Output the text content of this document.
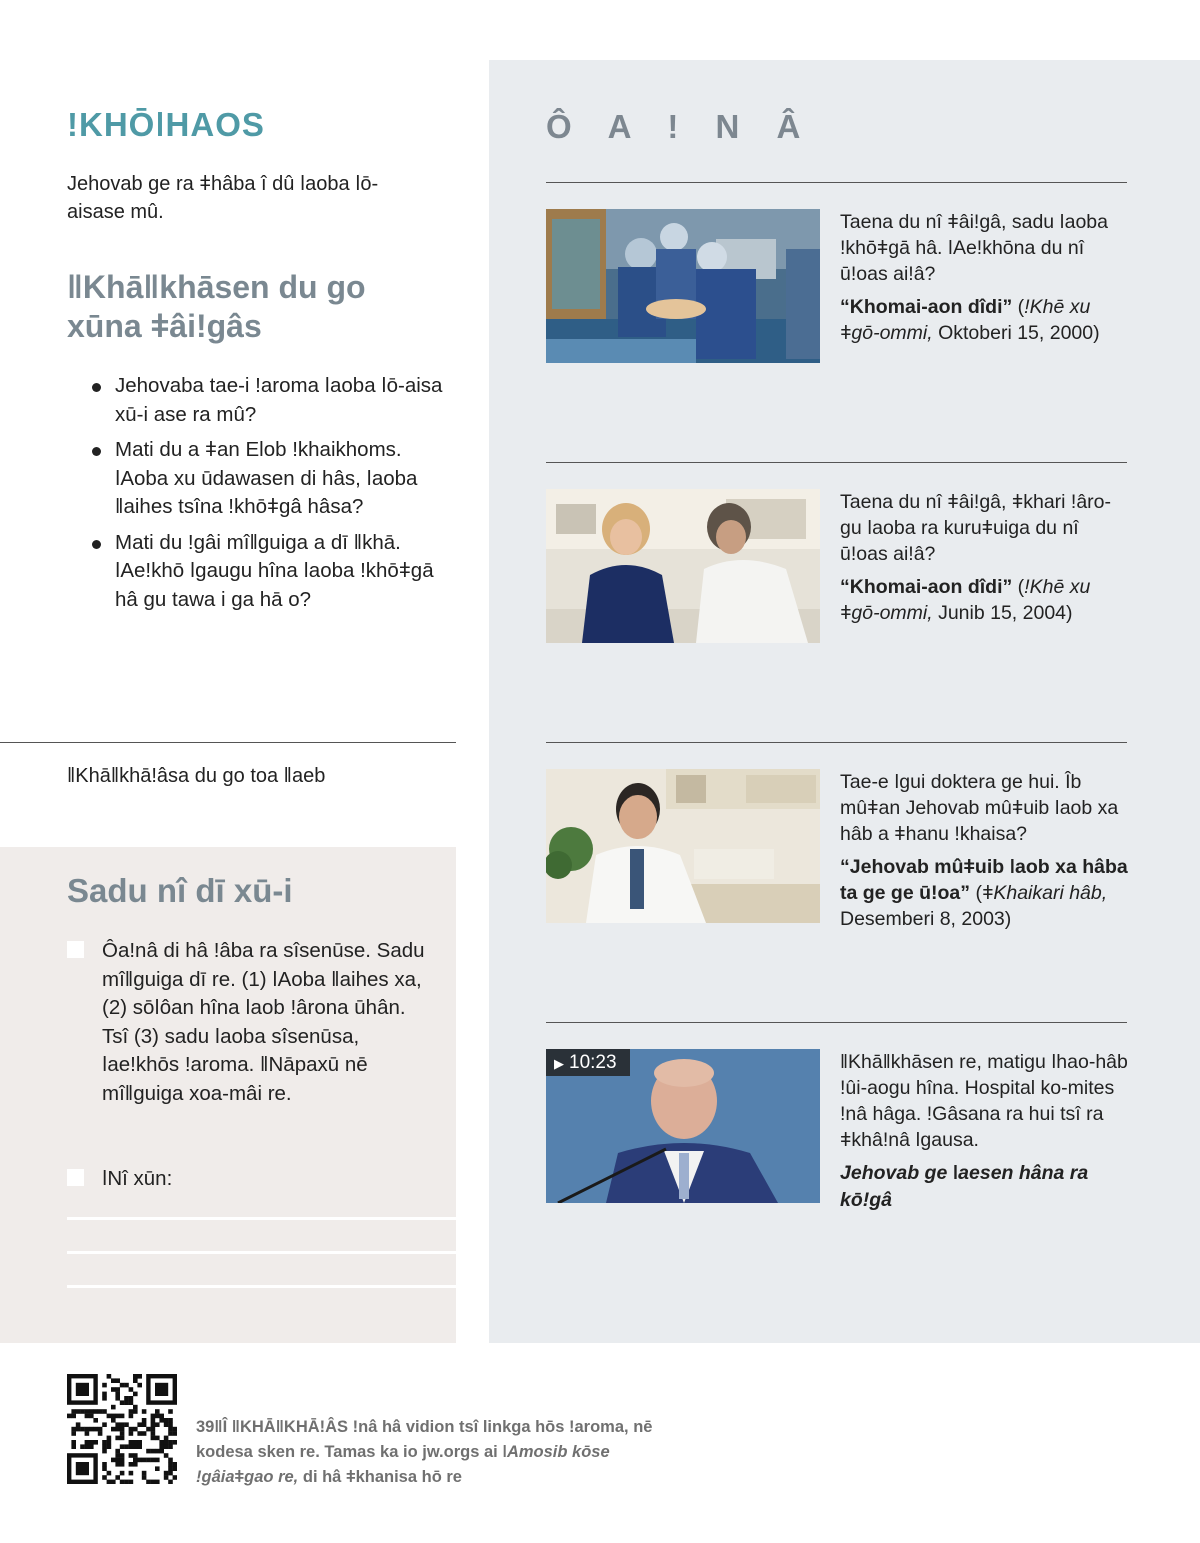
Ô A ǃ N Â
Taena du nî ǂâiǃgâ, sadu ǀaoba ǃkhōǂgā hâ. ǀAeǃkhōna du nî ūǃoas aiǃâ?
“Khomai-aon dîdi” (ǃKhē xu ǂgō-ommi, Oktoberi 15, 2000)
Taena du nî ǂâiǃgâ, ǂkhari ǃâro-gu ǀaoba ra kuruǂuiga du nî ūǃoas aiǃâ?
“Khomai-aon dîdi” (ǃKhē xu ǂgō-ommi, Junib 15, 2004)
Tae-e ǀgui doktera ge hui. Îb mûǂan Jehovab mûǂuib ǀaob xa hâb a ǂhanu ǃkhaisa?
“Jehovab mûǂuib ǀaob xa hâba ta ge ge ūǃoa” (ǂKhaikari hâb, Desemberi 8, 2003)
▶ 10:23	ǁKhāǁkhāsen re, matigu ǀhao-hâb ǃûi-aogu hîna. Hospital ko-mites ǃnâ hâga. ǃGâsana ra hui tsî ra ǂkhâǃnâ ǀgausa.
Jehovab ge ǀaesen hâna ra kōǃgâ
ǃKHŌǀHAOS
Jehovab ge ra ǂhâba î dû ǀaoba ǀō-aisase mû.
ǁKhāǁkhāsen du go xūna ǂâiǃgâs
Jehovaba tae-i ǃaroma ǀaoba ǀō-aisa xū-i ase ra mû?
Mati du a ǂan Elob ǃkhaikhoms. ǀAoba xu ūdawasen di hâs, ǀaoba ǁaihes tsîna ǃkhōǂgâ hâsa?
Mati du ǃgâi mîǁguiga a dī ǁkhā. ǀAeǃkhō ǀgaugu hîna ǀaoba ǃkhōǂgā hâ gu tawa i ga hā o?
ǁKhāǁkhāǃâsa du go toa ǁaeb
Sadu nî dī xū-i
Ôaǃnâ di hâ ǃâba ra sîsenūse. Sadu mîǁguiga dī re. (1) ǀAoba ǁaihes xa, (2) sōǀôan hîna ǀaob ǃârona ūhân. Tsî (3) sadu ǀaoba sîsenūsa, ǀaeǃkhōs ǃaroma. ǁNāpaxū nē mîǁguiga xoa-mâi re.
ǀNî xūn:
39ǁÎ ǁKHĀǁKHĀǃÂS ǃnâ hâ vidion tsî linkga hōs ǃaroma, nē kodesa sken re. Tamas ka io jw.orgs ai ǀAmosib kōse ǃgâiaǂgao re, di hâ ǂkhanisa hō re
